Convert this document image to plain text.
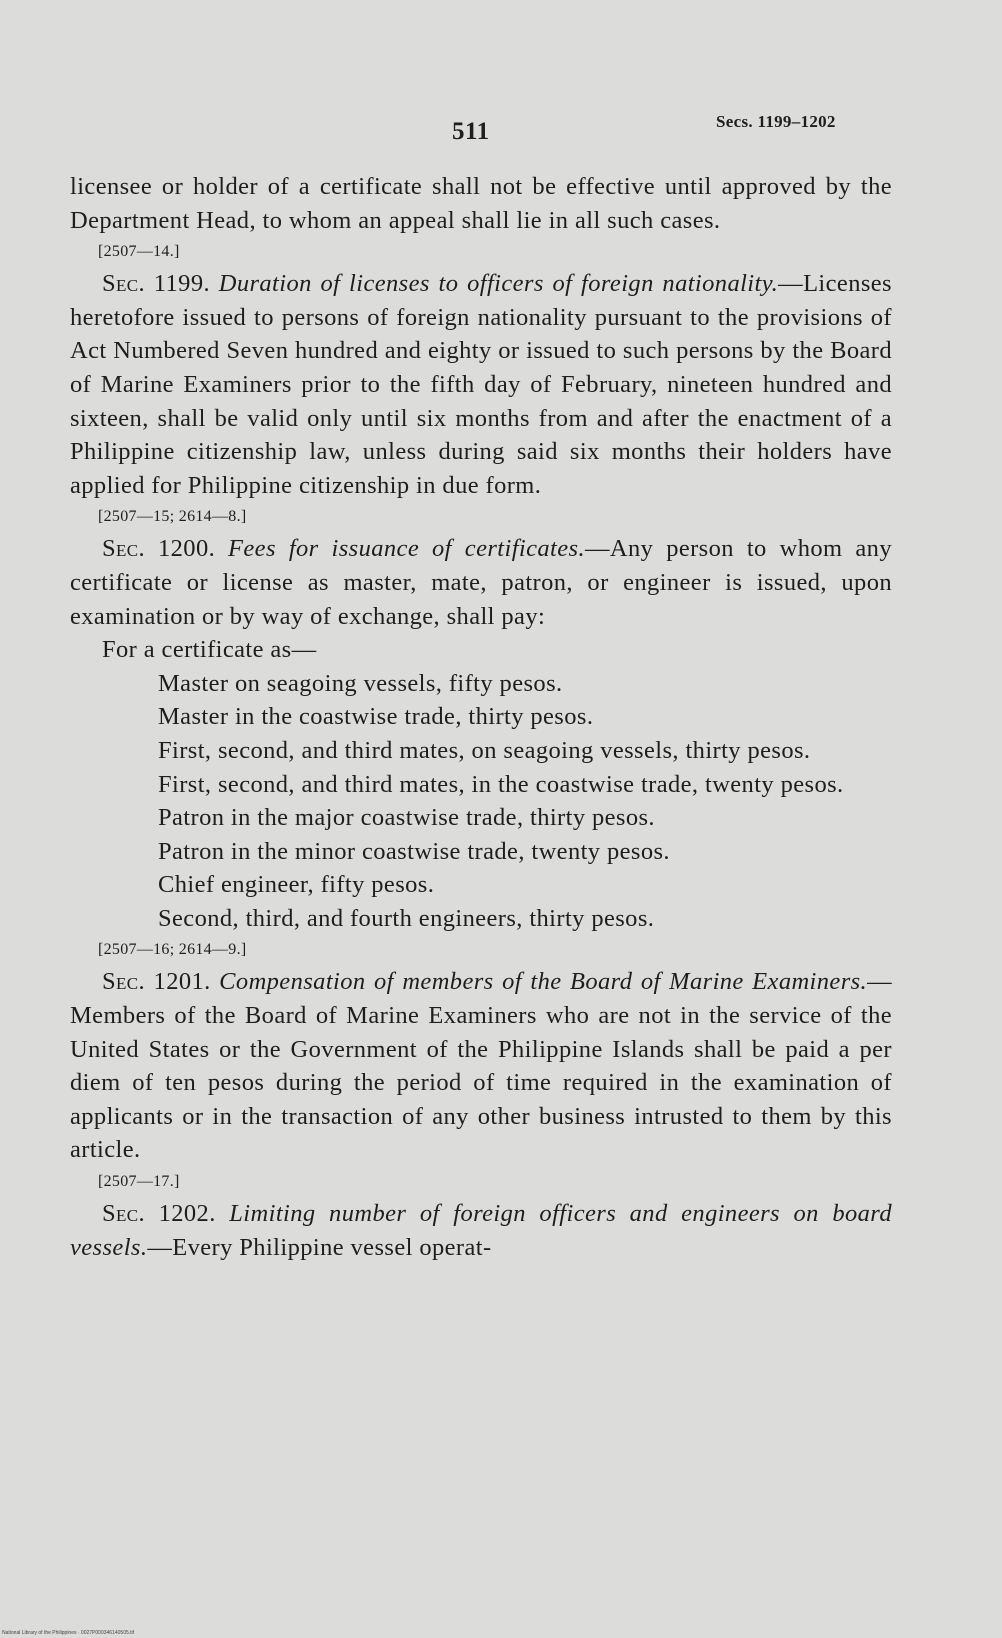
511	Secs. 1199–1202

licensee or holder of a certificate shall not be effective until approved by the Department Head, to whom an appeal shall lie in all such cases.

[2507—14.]

Sec. 1199. Duration of licenses to officers of foreign nationality.—Licenses heretofore issued to persons of foreign nationality pursuant to the provisions of Act Numbered Seven hundred and eighty or issued to such persons by the Board of Marine Examiners prior to the fifth day of February, nineteen hundred and sixteen, shall be valid only until six months from and after the enactment of a Philippine citizenship law, unless during said six months their holders have applied for Philippine citizenship in due form.

[2507—15; 2614—8.]

Sec. 1200. Fees for issuance of certificates.—Any person to whom any certificate or license as master, mate, patron, or engineer is issued, upon examination or by way of exchange, shall pay:

For a certificate as—

Master on seagoing vessels, fifty pesos.
Master in the coastwise trade, thirty pesos.
First, second, and third mates, on seagoing vessels, thirty pesos.
First, second, and third mates, in the coastwise trade, twenty pesos.
Patron in the major coastwise trade, thirty pesos.
Patron in the minor coastwise trade, twenty pesos.
Chief engineer, fifty pesos.
Second, third, and fourth engineers, thirty pesos.

[2507—16; 2614—9.]

Sec. 1201. Compensation of members of the Board of Marine Examiners.—Members of the Board of Marine Examiners who are not in the service of the United States or the Government of the Philippine Islands shall be paid a per diem of ten pesos during the period of time required in the examination of applicants or in the transaction of any other business intrusted to them by this article.

[2507—17.]

Sec. 1202. Limiting number of foreign officers and engineers on board vessels.—Every Philippine vessel operat-

National Library of the Philippines · 0027P000346140505.tif
